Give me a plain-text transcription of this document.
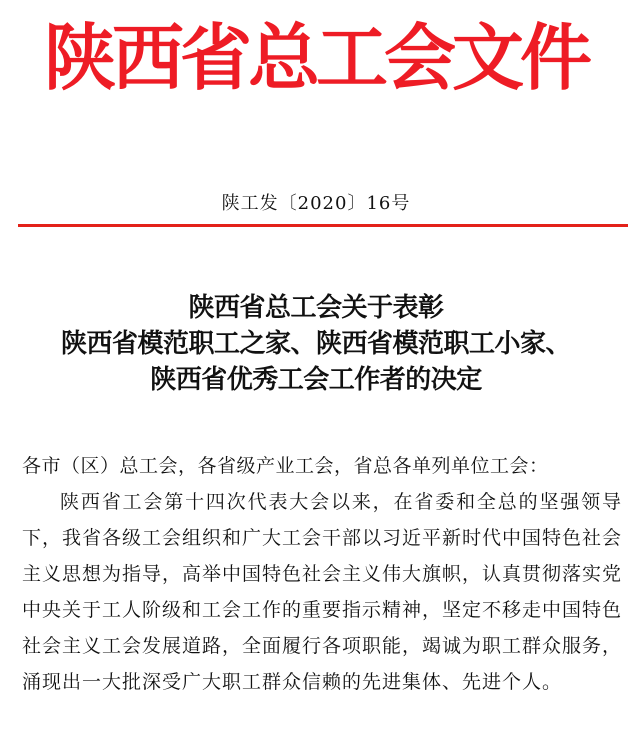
陕西省总工会文件
陕工发〔2020〕16号
陕西省总工会关于表彰
陕西省模范职工之家、陕西省模范职工小家、
陕西省优秀工会工作者的决定
各市（区）总工会，各省级产业工会，省总各单列单位工会：
陕西省工会第十四次代表大会以来，在省委和全总的坚强领导下，我省各级工会组织和广大工会干部以习近平新时代中国特色社会主义思想为指导，高举中国特色社会主义伟大旗帜，认真贯彻落实党中央关于工人阶级和工会工作的重要指示精神，坚定不移走中国特色社会主义工会发展道路，全面履行各项职能，竭诚为职工群众服务，涌现出一大批深受广大职工群众信赖的先进集体、先进个人。
